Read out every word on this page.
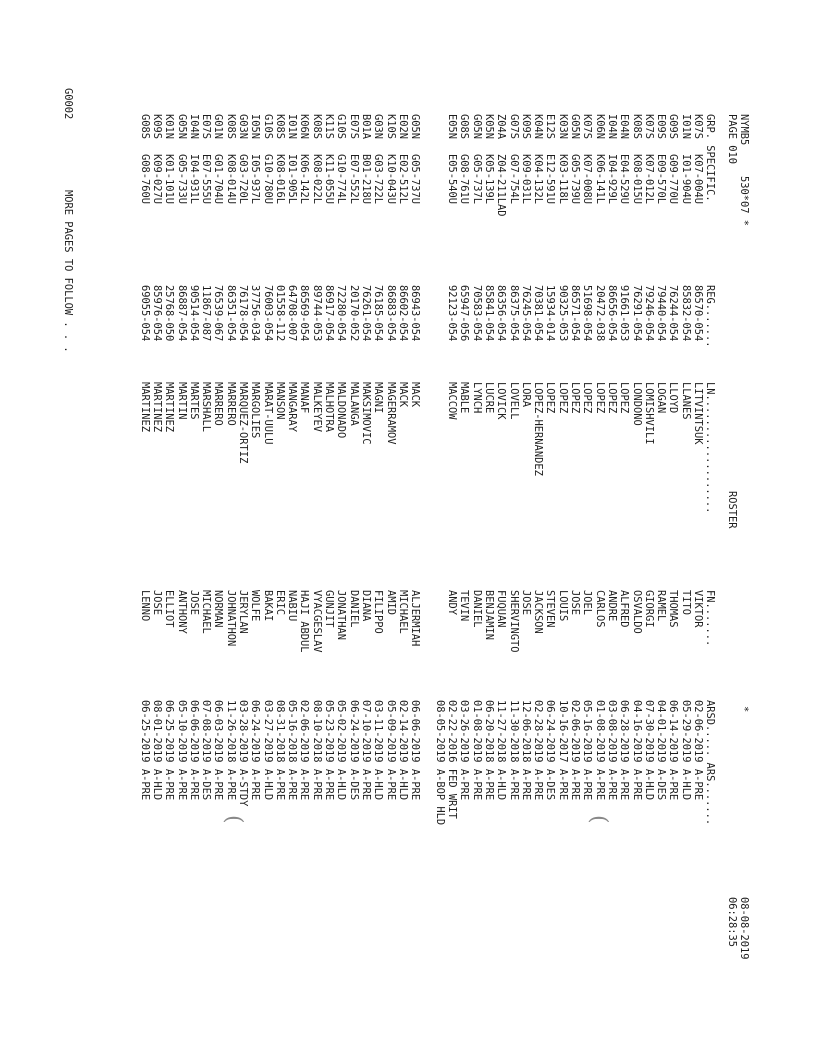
NYMB5

530*07 *

*

08-08-2019

PAGE 010

ROSTER

06:28:35

GRP. SPECIFIC.

REG.......

LN...................

FN.......

ARSD..... ARS.......

K07S
K07-004U
86570-054
LITVINTSUK
VIKTOR
02-06-2019 A-PRE
I01N
I01-904U
85832-054
LLANES
TITO
05-29-2019 A-HLD
G09S
G09-770U
76244-054
LLOYD
THOMAS
06-14-2019 A-PRE
E09S
E09-570L
79440-054
LOGAN
RAMEL
04-01-2019 A-DES
K07S
K07-012L
79246-054
LOMISHVILI
GIORGI
07-30-2019 A-HLD
K08S
K08-015U
76291-054
LONDONO
OSVALDO
04-16-2019 A-PRE
E04N
E04-529U
91661-053
LOPEZ
ALFRED
06-28-2019 A-PRE
I04N
I04-929L
86656-054
LOPEZ
ANDRE
03-08-2019 A-PRE
K06N
K06-141L
20472-038
LOPEZ
CARLOS
01-08-2019 A-PRE
K07S
K07-008U
51698-054
LOPEZ
JOEL
05-16-2019 A-PRE
G05N
G05-739U
86571-054
LOPEZ
JOSE
02-06-2019 A-PRE
K03N
K03-118L
90325-053
LOPEZ
LOUIS
10-16-2017 A-PRE
E12S
E12-591U
15934-014
LOPEZ
STEVEN
06-24-2019 A-DES
K04N
K04-132L
70381-054
LOPEZ-HERNANDEZ
JACKSON
02-28-2019 A-PRE
K09S
K09-031L
76245-054
LORA
JOSE
12-06-2018 A-PRE
G07S
G07-754L
86375-054
LOVELL
SHERVINGTO
11-30-2018 A-PRE
Z04A
Z04-211LAD
86356-054
LOVICK
FUQUAN
11-27-2018 A-HLD
K05N
K05-139L
85841-054
LUCRE
BENJAMIN
06-20-2018 A-PRE
G05N
G05-737L
70583-054
LYNCH
DANIEL
01-08-2019 A-PRE
G08S
G08-761U
65947-056
MABLE
TEVIN
03-26-2019 A-PRE
E05N
E05-540U
92123-054
MACCOW
ANDY
02-22-2016 FED WRIT
08-05-2019 A-BOP HLD
G05N
G05-737U
86943-054
MACK
ALJERMIAH
06-06-2019 A-PRE
E02N
E02-512L
86602-054
MACK
MICHAEL
02-14-2019 A-HLD
K10S
K10-043U
86883-054
MAGERRAMOV
AMID
05-09-2019 A-PRE
G03N
G03-722L
76185-054
MAGNI
FILIPPO
03-11-2019 A-HLD
B01A
B01-218U
76261-054
MAKSIMOVIC
DIANA
07-10-2019 A-PRE
E07S
E07-552L
20170-052
MALANGA
DANIEL
06-24-2019 A-DES
G10S
G10-774L
72280-054
MALDONADO
JONATHAN
05-02-2019 A-HLD
K11S
K11-055U
86917-054
MALHOTRA
GUNJIT
05-23-2019 A-PRE
K08S
K08-022L
89744-053
MALKEYEV
VYACGESLAV
08-10-2018 A-PRE
K06N
K06-142L
86569-054
MANAF
HAJI ABDUL
02-06-2019 A-PRE
I01N
I01-905L
64708-007
MANGARAY
NABIU
05-16-2018 A-PRE
K08S
K08-016L
01558-112
MANSON
ERIC
08-31-2018 A-PRE
G10S
G10-780U
76003-054
MARAT-UULU
BAKAI
03-27-2019 A-HLD
I05N
I05-937L
37756-034
MARGOLIES
WOLFE
06-24-2019 A-PRE
G03N
G03-720L
76178-054
MARQUEZ-ORTIZ
JERYLAN
03-28-2019 A-STDY
K08S
K08-014U
86351-054
MARRERO
JOHNATHON
11-26-2018 A-PRE
G01N
G01-704U
76539-067
MARRERO
NORMAN
06-03-2019 A-PRE
E07S
E07-555U
11867-087
MARSHALL
MICHAEL
07-08-2019 A-DES
I04N
I04-931L
90514-054
MARTES
JOSE
06-06-2019 A-PRE
G05N
G05-733U
86887-054
MARTIN
ANTHONY
05-10-2019 A-PRE
K01N
K01-101U
25768-050
MARTINEZ
ELLIOT
06-25-2019 A-PRE
K09S
K09-027U
85976-054
MARTINEZ
JOSE
08-01-2019 A-HLD
G08S
G08-760U
69055-054
MARTINEZ
LENNO
06-25-2019 A-PRE

G0002

MORE PAGES TO FOLLOW . . .

(

	(
